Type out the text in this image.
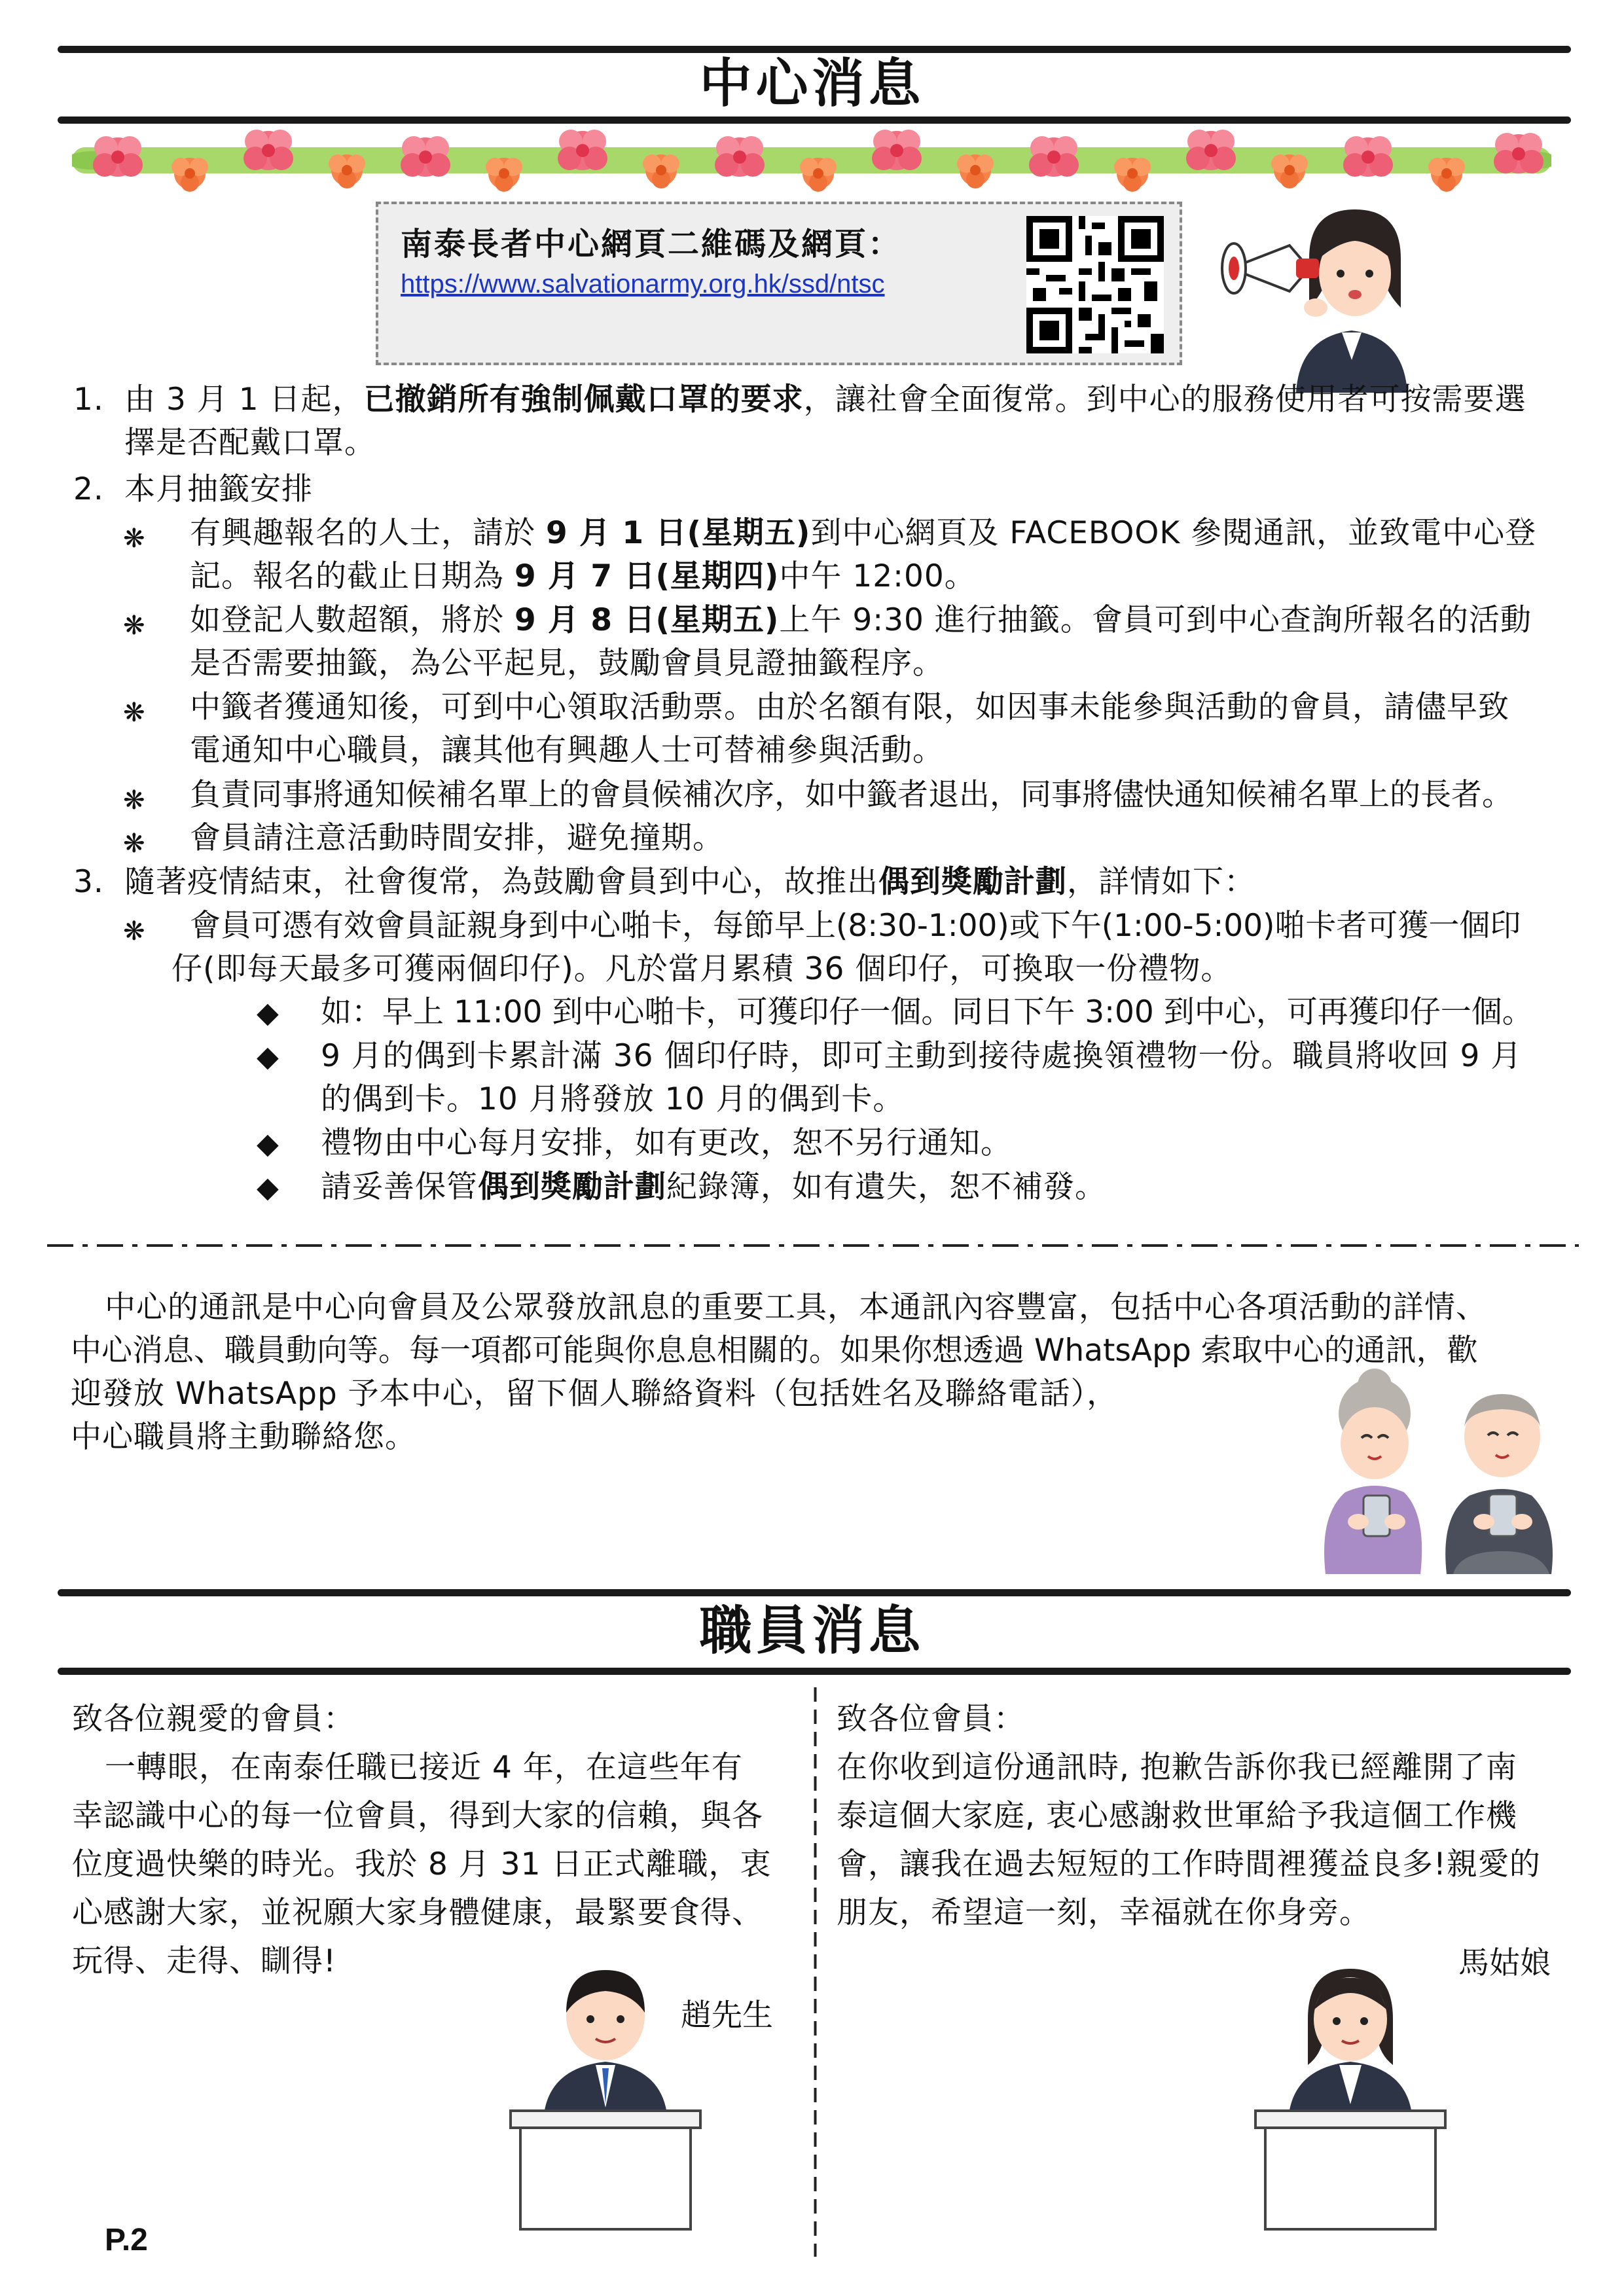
中心消息
南泰長者中心網頁二維碼及網頁：
https://www.salvationarmy.org.hk/ssd/ntsc
1. 由 3 月 1 日起，已撤銷所有強制佩戴口罩的要求，讓社會全面復常。到中心的服務使用者可按需要選
擇是否配戴口罩。
2. 本月抽籤安排
❋ 有興趣報名的人士，請於 9 月 1 日(星期五)到中心網頁及 FACEBOOK 參閱通訊，並致電中心登
記。報名的截止日期為 9 月 7 日(星期四)中午 12:00。
❋ 如登記人數超額，將於 9 月 8 日(星期五)上午 9:30 進行抽籤。會員可到中心查詢所報名的活動
是否需要抽籤，為公平起見，鼓勵會員見證抽籤程序。
❋ 中籤者獲通知後，可到中心領取活動票。由於名額有限，如因事未能參與活動的會員，請儘早致
電通知中心職員，讓其他有興趣人士可替補參與活動。
❋ 負責同事將通知候補名單上的會員候補次序，如中籤者退出，同事將儘快通知候補名單上的長者。
❋ 會員請注意活動時間安排，避免撞期。
3. 隨著疫情結束，社會復常，為鼓勵會員到中心，故推出偶到獎勵計劃，詳情如下：
❋ 會員可憑有效會員証親身到中心啪卡，每節早上(8:30-1:00)或下午(1:00-5:00)啪卡者可獲一個印
仔(即每天最多可獲兩個印仔)。凡於當月累積 36 個印仔，可換取一份禮物。
◆ 如：早上 11:00 到中心啪卡，可獲印仔一個。同日下午 3:00 到中心，可再獲印仔一個。
◆ 9 月的偶到卡累計滿 36 個印仔時，即可主動到接待處換領禮物一份。職員將收回 9 月
的偶到卡。10 月將發放 10 月的偶到卡。
◆ 禮物由中心每月安排，如有更改，恕不另行通知。
◆ 請妥善保管偶到獎勵計劃紀錄簿，如有遺失，恕不補發。
中心的通訊是中心向會員及公眾發放訊息的重要工具，本通訊內容豐富，包括中心各項活動的詳情、
中心消息、職員動向等。每一項都可能與你息息相關的。如果你想透過 WhatsApp 索取中心的通訊，歡
迎發放 WhatsApp 予本中心，留下個人聯絡資料（包括姓名及聯絡電話），
中心職員將主動聯絡您。
職員消息
致各位親愛的會員：
一轉眼，在南泰任職已接近 4 年，在這些年有
幸認識中心的每一位會員，得到大家的信賴，與各
位度過快樂的時光。我於 8 月 31 日正式離職，衷
心感謝大家，並祝願大家身體健康，最緊要食得、
玩得、走得、瞓得!
趙先生
致各位會員：
在你收到這份通訊時, 抱歉告訴你我已經離開了南
泰這個大家庭, 衷心感謝救世軍給予我這個工作機
會，讓我在過去短短的工作時間裡獲益良多!親愛的
朋友，希望這一刻，幸福就在你身旁。
馬姑娘
P.2
